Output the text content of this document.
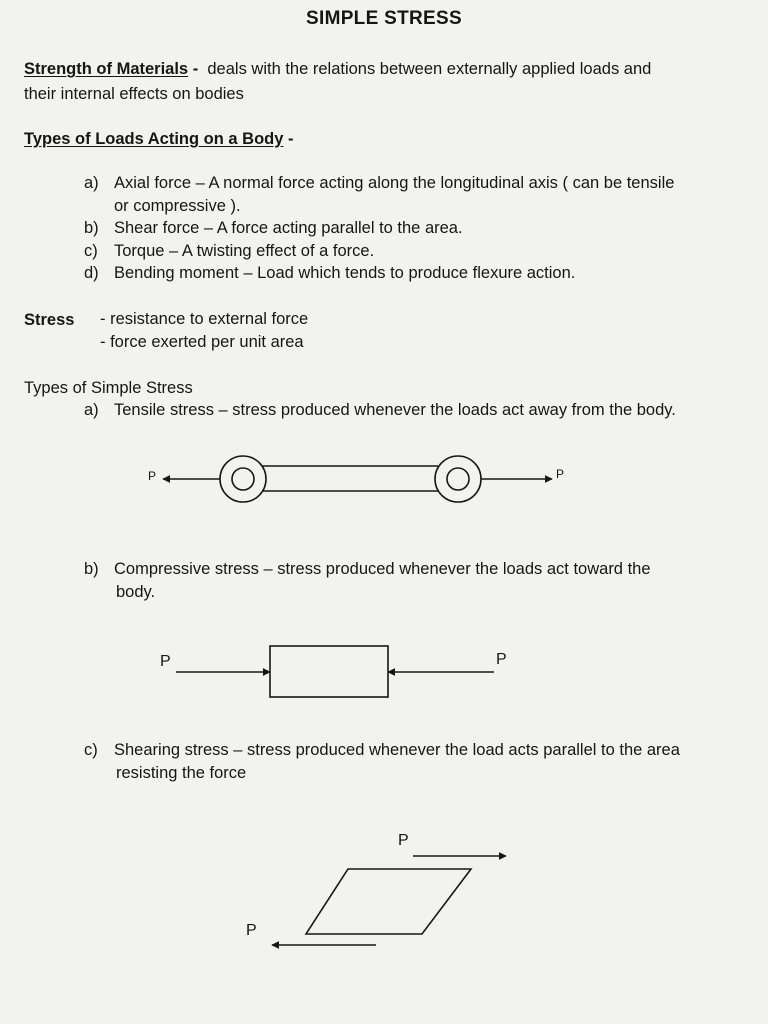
SIMPLE STRESS
Strength of Materials - deals with the relations between externally applied loads and
their internal effects on bodies
Types of Loads Acting on a Body -
a) Axial force – A normal force acting along the longitudinal axis ( can be tensile
or compressive ).
b) Shear force – A force acting parallel to the area.
c) Torque – A twisting effect of a force.
d) Bending moment – Load which tends to produce flexure action.
Stress - resistance to external force
- force exerted per unit area
Types of Simple Stress
a) Tensile stress – stress produced whenever the loads act away from the body.
b) Compressive stress – stress produced whenever the loads act toward the
body.
c) Shearing stress – stress produced whenever the load acts parallel to the area
resisting the force
P	P
P	P
P
P
